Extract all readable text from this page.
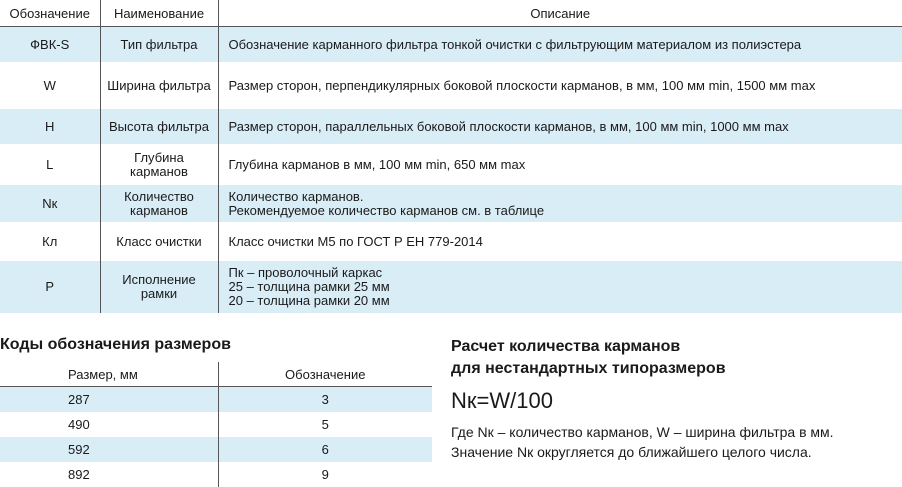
Обозначение	Наименование	Описание
ФВК-S	Тип фильтра	Обозначение карманного фильтра тонкой очистки с фильтрующим материалом из полиэстера

W	Ширина фильтра	Размер сторон, перпендикулярных боковой плоскости карманов, в мм, 100 мм min, 1500 мм max

H	Высота фильтра	Размер сторон, параллельных боковой плоскости карманов, в мм, 100 мм min, 1000 мм max

L	Глубина карманов	Глубина карманов в мм, 100 мм min, 650 мм max

Nк	Количество карманов	Количество карманов.
Рекомендуемое количество карманов см. в таблице

Кл	Класс очистки	Класс очистки М5 по ГОСТ Р ЕН 779-2014

Р	Исполнение рамки	Пк – проволочный каркас
25 – толщина рамки 25 мм
20 – толщина рамки 20 мм
Коды обозначения размеров
Размер, мм	Обозначение
287	3
490	5
592	6
892	9
Расчет количества карманов
для нестандартных типоразмеров
Nк=W/100
Где Nк – количество карманов, W – ширина фильтра в мм.
Значение Nк округляется до ближайшего целого числа.
